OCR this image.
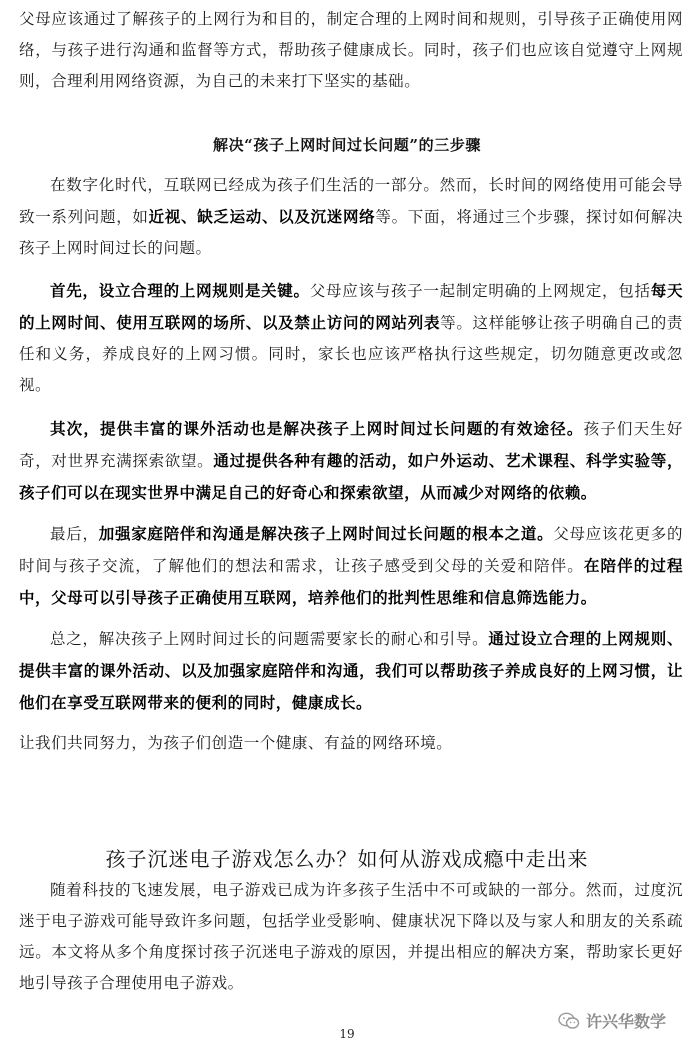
父母应该通过了解孩子的上网行为和目的，制定合理的上网时间和规则，引导孩子正确使用网络，与孩子进行沟通和监督等方式，帮助孩子健康成长。同时，孩子们也应该自觉遵守上网规则，合理利用网络资源，为自己的未来打下坚实的基础。

解决“孩子上网时间过长问题”的三步骤

在数字化时代，互联网已经成为孩子们生活的一部分。然而，长时间的网络使用可能会导致一系列问题，如近视、缺乏运动、以及沉迷网络等。下面，将通过三个步骤，探讨如何解决孩子上网时间过长的问题。

首先，设立合理的上网规则是关键。父母应该与孩子一起制定明确的上网规定，包括每天的上网时间、使用互联网的场所、以及禁止访问的网站列表等。这样能够让孩子明确自己的责任和义务，养成良好的上网习惯。同时，家长也应该严格执行这些规定，切勿随意更改或忽视。

其次，提供丰富的课外活动也是解决孩子上网时间过长问题的有效途径。孩子们天生好奇，对世界充满探索欲望。通过提供各种有趣的活动，如户外运动、艺术课程、科学实验等，孩子们可以在现实世界中满足自己的好奇心和探索欲望，从而减少对网络的依赖。

最后，加强家庭陪伴和沟通是解决孩子上网时间过长问题的根本之道。父母应该花更多的时间与孩子交流，了解他们的想法和需求，让孩子感受到父母的关爱和陪伴。在陪伴的过程中，父母可以引导孩子正确使用互联网，培养他们的批判性思维和信息筛选能力。

总之，解决孩子上网时间过长的问题需要家长的耐心和引导。通过设立合理的上网规则、提供丰富的课外活动、以及加强家庭陪伴和沟通，我们可以帮助孩子养成良好的上网习惯，让他们在享受互联网带来的便利的同时，健康成长。

让我们共同努力，为孩子们创造一个健康、有益的网络环境。

孩子沉迷电子游戏怎么办？如何从游戏成瘾中走出来

随着科技的飞速发展，电子游戏已成为许多孩子生活中不可或缺的一部分。然而，过度沉迷于电子游戏可能导致许多问题，包括学业受影响、健康状况下降以及与家人和朋友的关系疏远。本文将从多个角度探讨孩子沉迷电子游戏的原因，并提出相应的解决方案，帮助家长更好地引导孩子合理使用电子游戏。

19
许兴华数学
